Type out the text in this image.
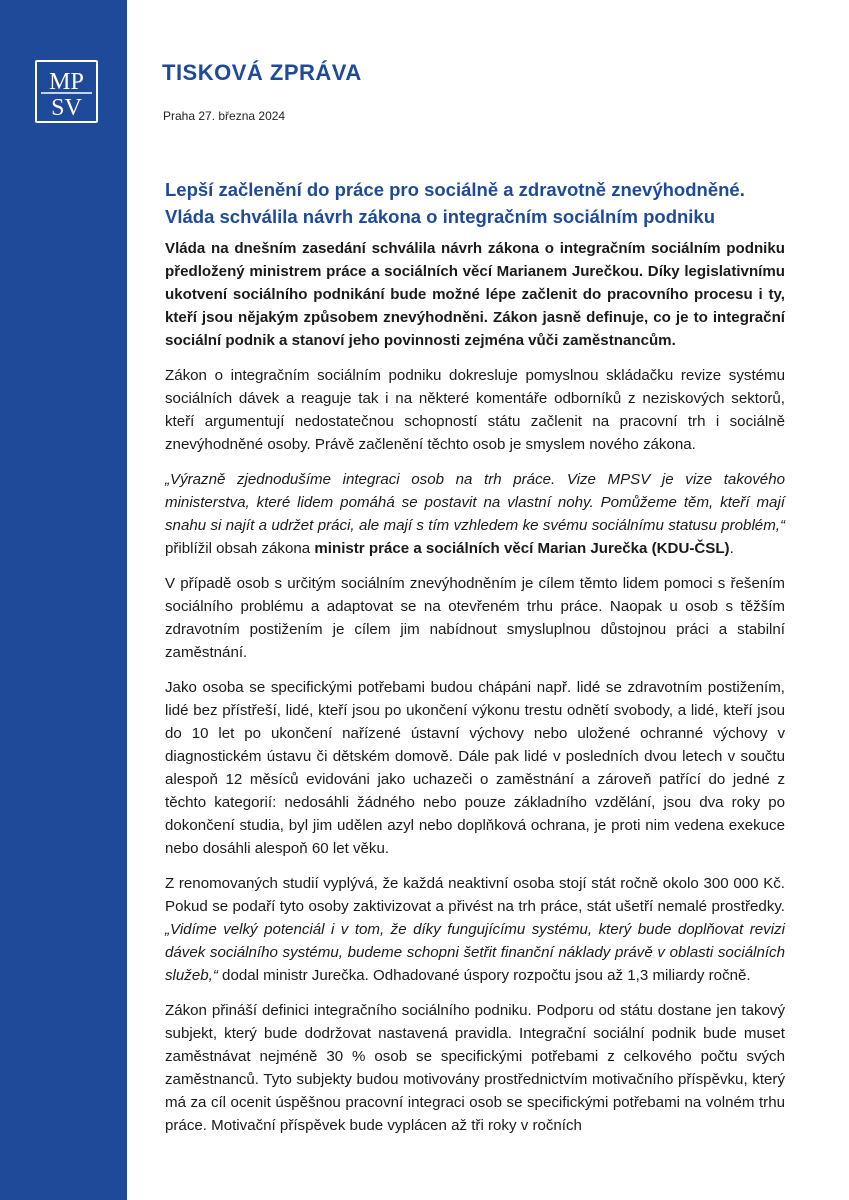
MP
SV
TISKOVÁ ZPRÁVA
Praha 27. března 2024
Lepší začlenění do práce pro sociálně a zdravotně znevýhodněné.
Vláda schválila návrh zákona o integračním sociálním podniku

Vláda na dnešním zasedání schválila návrh zákona o integračním sociálním podniku předložený ministrem práce a sociálních věcí Marianem Jurečkou. Díky legislativnímu ukotvení sociálního podnikání bude možné lépe začlenit do pracovního procesu i ty, kteří jsou nějakým způsobem znevýhodněni. Zákon jasně definuje, co je to integrační sociální podnik a stanoví jeho povinnosti zejména vůči zaměstnancům.

Zákon o integračním sociálním podniku dokresluje pomyslnou skládačku revize systému sociálních dávek a reaguje tak i na některé komentáře odborníků z neziskových sektorů, kteří argumentují nedostatečnou schopností státu začlenit na pracovní trh i sociálně znevýhodněné osoby. Právě začlenění těchto osob je smyslem nového zákona.

„Výrazně zjednodušíme integraci osob na trh práce. Vize MPSV je vize takového ministerstva, které lidem pomáhá se postavit na vlastní nohy. Pomůžeme těm, kteří mají snahu si najít a udržet práci, ale mají s tím vzhledem ke svému sociálnímu statusu problém,“ přiblížil obsah zákona ministr práce a sociálních věcí Marian Jurečka (KDU-ČSL).

V případě osob s určitým sociálním znevýhodněním je cílem těmto lidem pomoci s řešením sociálního problému a adaptovat se na otevřeném trhu práce. Naopak u osob s těžším zdravotním postižením je cílem jim nabídnout smysluplnou důstojnou práci a stabilní zaměstnání.

Jako osoba se specifickými potřebami budou chápáni např. lidé se zdravotním postižením, lidé bez přístřeší, lidé, kteří jsou po ukončení výkonu trestu odnětí svobody, a lidé, kteří jsou do 10 let po ukončení nařízené ústavní výchovy nebo uložené ochranné výchovy v diagnostickém ústavu či dětském domově. Dále pak lidé v posledních dvou letech v součtu alespoň 12 měsíců evidováni jako uchazeči o zaměstnání a zároveň patřící do jedné z těchto kategorií: nedosáhli žádného nebo pouze základního vzdělání, jsou dva roky po dokončení studia, byl jim udělen azyl nebo doplňková ochrana, je proti nim vedena exekuce nebo dosáhli alespoň 60 let věku.

Z renomovaných studií vyplývá, že každá neaktivní osoba stojí stát ročně okolo 300 000 Kč. Pokud se podaří tyto osoby zaktivizovat a přivést na trh práce, stát ušetří nemalé prostředky. „Vidíme velký potenciál i v tom, že díky fungujícímu systému, který bude doplňovat revizi dávek sociálního systému, budeme schopni šetřit finanční náklady právě v oblasti sociálních služeb,“ dodal ministr Jurečka. Odhadované úspory rozpočtu jsou až 1,3 miliardy ročně.

Zákon přináší definici integračního sociálního podniku. Podporu od státu dostane jen takový subjekt, který bude dodržovat nastavená pravidla. Integrační sociální podnik bude muset zaměstnávat nejméně 30 % osob se specifickými potřebami z celkového počtu svých zaměstnanců. Tyto subjekty budou motivovány prostřednictvím motivačního příspěvku, který má za cíl ocenit úspěšnou pracovní integraci osob se specifickými potřebami na volném trhu práce. Motivační příspěvek bude vyplácen až tři roky v ročních
